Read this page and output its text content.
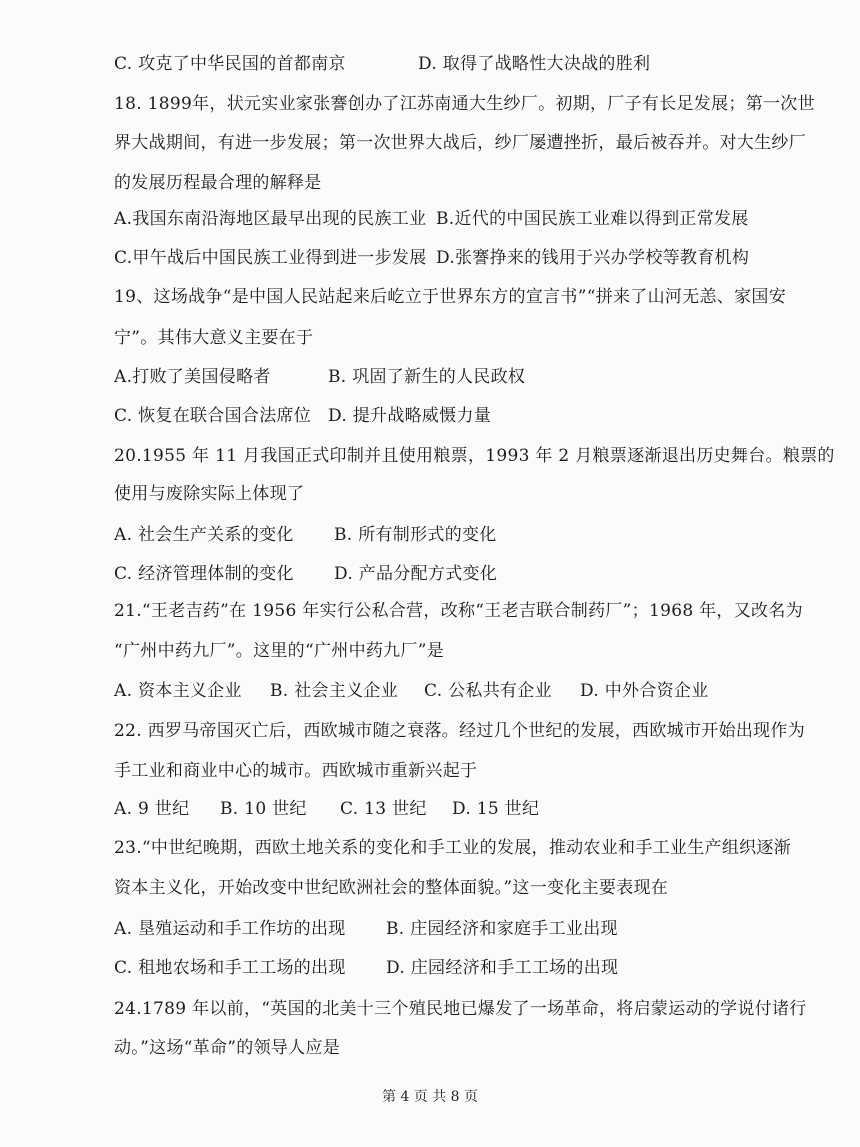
C. 攻克了中华民国的首都南京	D. 取得了战略性大决战的胜利
18. 1899年，状元实业家张謇创办了江苏南通大生纱厂。初期，厂子有长足发展；第一次世
界大战期间，有进一步发展；第一次世界大战后，纱厂屡遭挫折，最后被吞并。对大生纱厂
的发展历程最合理的解释是
A.我国东南沿海地区最早出现的民族工业 B.近代的中国民族工业难以得到正常发展
C.甲午战后中国民族工业得到进一步发展 D.张謇挣来的钱用于兴办学校等教育机构
19、这场战争“是中国人民站起来后屹立于世界东方的宣言书”“拼来了山河无恙、家国安
宁”。其伟大意义主要在于
A.打败了美国侵略者	B. 巩固了新生的人民政权
C. 恢复在联合国合法席位 D. 提升战略威慑力量
20.1955 年 11 月我国正式印制并且使用粮票，1993 年 2 月粮票逐渐退出历史舞台。粮票的
使用与废除实际上体现了
A. 社会生产关系的变化 B. 所有制形式的变化
C. 经济管理体制的变化 D. 产品分配方式变化
21.“王老吉药”在 1956 年实行公私合营，改称“王老吉联合制药厂”；1968 年，又改名为
“广州中药九厂”。这里的“广州中药九厂”是
A. 资本主义企业 B. 社会主义企业 C. 公私共有企业 D. 中外合资企业
22. 西罗马帝国灭亡后，西欧城市随之衰落。经过几个世纪的发展，西欧城市开始出现作为
手工业和商业中心的城市。西欧城市重新兴起于
A. 9 世纪 B. 10 世纪 C. 13 世纪 D. 15 世纪
23.“中世纪晚期，西欧土地关系的变化和手工业的发展，推动农业和手工业生产组织逐渐
资本主义化，开始改变中世纪欧洲社会的整体面貌。”这一变化主要表现在
A. 垦殖运动和手工作坊的出现 B. 庄园经济和家庭手工业出现
C. 租地农场和手工工场的出现 D. 庄园经济和手工工场的出现
24.1789 年以前，“英国的北美十三个殖民地已爆发了一场革命，将启蒙运动的学说付诸行
动。”这场“革命”的领导人应是
第 4 页 共 8 页
